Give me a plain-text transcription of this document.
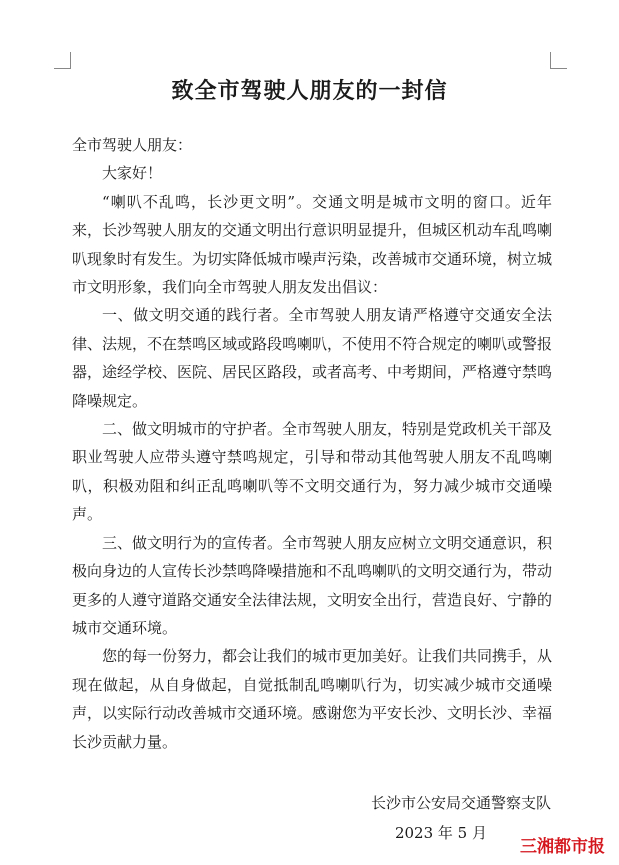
致全市驾驶人朋友的一封信

全市驾驶人朋友：

大家好！

“喇叭不乱鸣，长沙更文明”。交通文明是城市文明的窗口。近年来，长沙驾驶人朋友的交通文明出行意识明显提升，但城区机动车乱鸣喇叭现象时有发生。为切实降低城市噪声污染，改善城市交通环境，树立城市文明形象，我们向全市驾驶人朋友发出倡议：

一、做文明交通的践行者。全市驾驶人朋友请严格遵守交通安全法律、法规，不在禁鸣区域或路段鸣喇叭，不使用不符合规定的喇叭或警报器，途经学校、医院、居民区路段，或者高考、中考期间，严格遵守禁鸣降噪规定。

二、做文明城市的守护者。全市驾驶人朋友，特别是党政机关干部及职业驾驶人应带头遵守禁鸣规定，引导和带动其他驾驶人朋友不乱鸣喇叭，积极劝阻和纠正乱鸣喇叭等不文明交通行为，努力减少城市交通噪声。

三、做文明行为的宣传者。全市驾驶人朋友应树立文明交通意识，积极向身边的人宣传长沙禁鸣降噪措施和不乱鸣喇叭的文明交通行为，带动更多的人遵守道路交通安全法律法规，文明安全出行，营造良好、宁静的城市交通环境。

您的每一份努力，都会让我们的城市更加美好。让我们共同携手，从现在做起，从自身做起，自觉抵制乱鸣喇叭行为，切实减少城市交通噪声，以实际行动改善城市交通环境。感谢您为平安长沙、文明长沙、幸福长沙贡献力量。

长沙市公安局交通警察支队
2023 年 5 月
三湘都市报
